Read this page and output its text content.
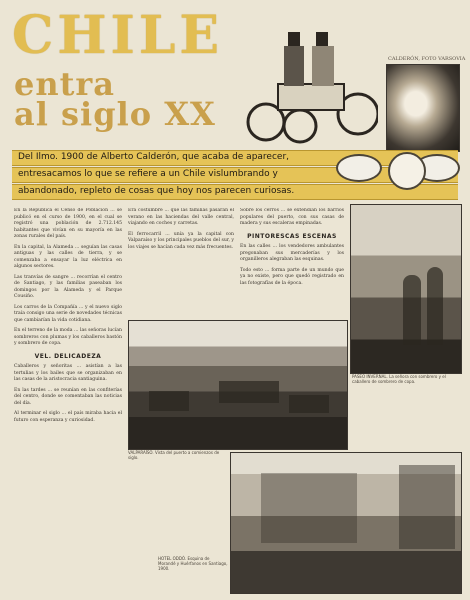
CHILE	CALDERÓN, FOTO VARSOVIA
entra
al siglo XX
Del Ilmo. 1900 de Alberto Calderón, que acaba de aparecer,
entresacamos lo que se refiere a un Chile vislumbrando y
abandonado, repleto de cosas que hoy nos parecen curiosas.
En la República el Censo de Población ... se publicó en el curso de 1900, en el cual se registró una población de 2.712.145 habitantes que vivían en su mayoría en las zonas rurales del país.
En la capital, la Alameda ... seguían las casas antiguas y las calles de tierra, y se comenzaba a ensayar la luz eléctrica en algunos sectores.
Las tranvías de sangre ... recorrían el centro de Santiago, y las familias paseaban los domingos por la Alameda y el Parque Cousiño.
Los carros de la Compañía ... y el nuevo siglo traía consigo una serie de novedades técnicas que cambiarían la vida cotidiana.
En el terreno de la moda ... las señoras lucían sombreros con plumas y los caballeros bastón y sombrero de copa.
VEL. DELICADEZA
Caballeros y señoritas ... asistían a las tertulias y los bailes que se organizaban en las casas de la aristocracia santiaguina.
En las tardes ... se reunían en las confiterías del centro, donde se comentaban las noticias del día.
Al terminar el siglo ... el país miraba hacia el futuro con esperanza y curiosidad.
Era costumbre ... que las familias pasaran el verano en las haciendas del valle central, viajando en coches y carretas.
El ferrocarril ... unía ya la capital con Valparaíso y los principales pueblos del sur, y los viajes se hacían cada vez más frecuentes.
Sobre los cerros ... se extendían los barrios populares del puerto, con sus casas de madera y sus escaleras empinadas.
PINTORESCAS ESCENAS
En las calles ... los vendedores ambulantes pregonaban sus mercaderías y los organilleros alegraban las esquinas.
Todo esto ... forma parte de un mundo que ya no existe, pero que quedó registrado en las fotografías de la época.
PASEO INVERNAL. La señora con sombrero y el caballero de sombrero de copa.
VALPARAÍSO. Vista del puerto a comienzos de siglo.
HOTEL ODDÓ. Esquina de Morandé y Huérfanos en Santiago, 1900.
